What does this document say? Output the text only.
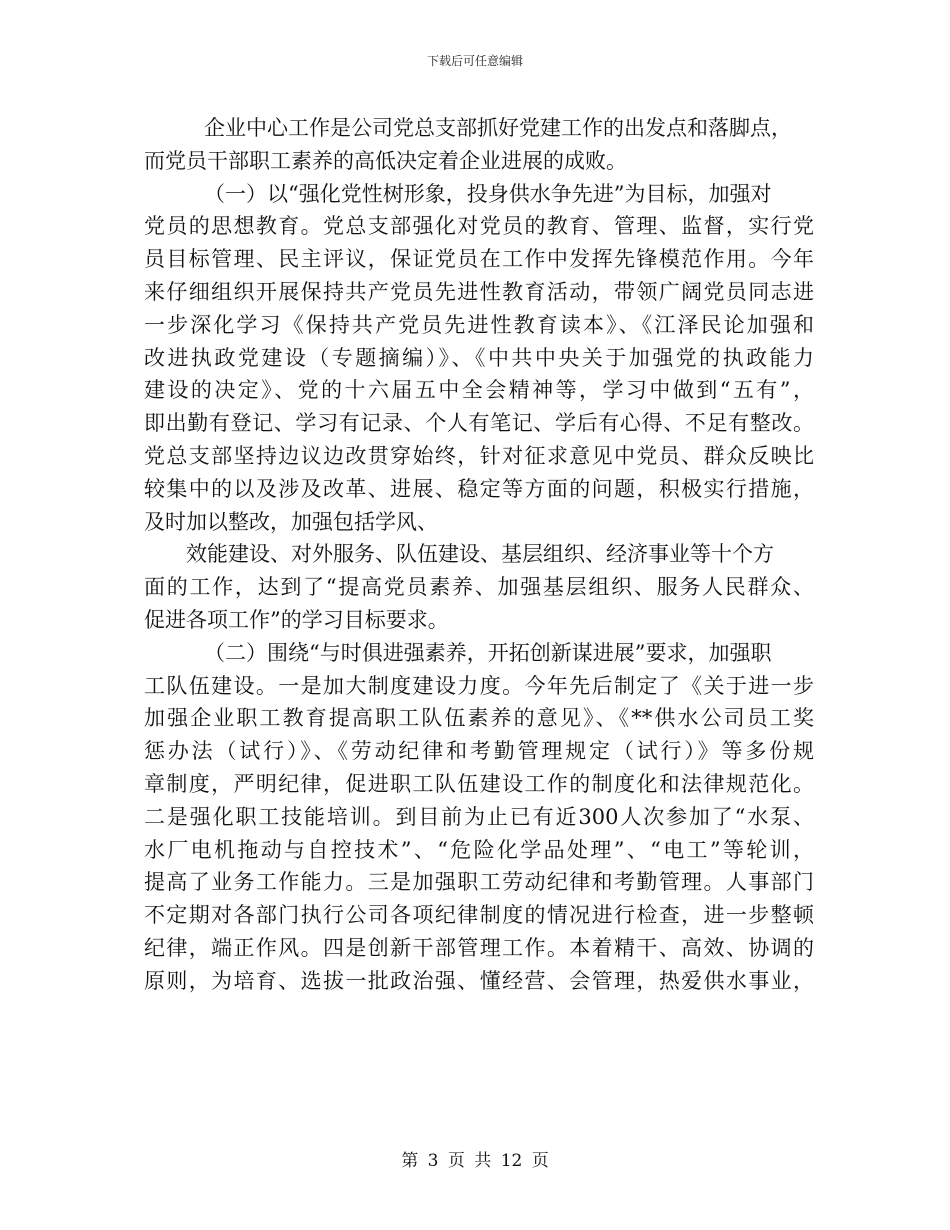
下载后可任意编辑
企业中心工作是公司党总支部抓好党建工作的出发点和落脚点，
而党员干部职工素养的高低决定着企业进展的成败。
（一）以“强化党性树形象，投身供水争先进”为目标，加强对
党员的思想教育。党总支部强化对党员的教育、管理、监督，实行党
员目标管理、民主评议，保证党员在工作中发挥先锋模范作用。今年
来仔细组织开展保持共产党员先进性教育活动，带领广阔党员同志进
一步深化学习《保持共产党员先进性教育读本》、《江泽民论加强和
改进执政党建设（专题摘编）》、《中共中央关于加强党的执政能力
建设的决定》、党的十六届五中全会精神等，学习中做到“五有”，
即出勤有登记、学习有记录、个人有笔记、学后有心得、不足有整改。
党总支部坚持边议边改贯穿始终，针对征求意见中党员、群众反映比
较集中的以及涉及改革、进展、稳定等方面的问题，积极实行措施，
及时加以整改，加强包括学风、
效能建设、对外服务、队伍建设、基层组织、经济事业等十个方
面的工作，达到了“提高党员素养、加强基层组织、服务人民群众、
促进各项工作”的学习目标要求。
（二）围绕“与时俱进强素养，开拓创新谋进展”要求，加强职
工队伍建设。一是加大制度建设力度。今年先后制定了《关于进一步
加强企业职工教育提高职工队伍素养的意见》、《**供水公司员工奖
惩办法（试行）》、《劳动纪律和考勤管理规定（试行）》等多份规
章制度，严明纪律，促进职工队伍建设工作的制度化和法律规范化。
二是强化职工技能培训。到目前为止已有近300人次参加了“水泵、
水厂电机拖动与自控技术”、“危险化学品处理”、“电工”等轮训，
提高了业务工作能力。三是加强职工劳动纪律和考勤管理。人事部门
不定期对各部门执行公司各项纪律制度的情况进行检查，进一步整顿
纪律，端正作风。四是创新干部管理工作。本着精干、高效、协调的
原则，为培育、选拔一批政治强、懂经营、会管理，热爱供水事业，
第 3 页 共 12 页
